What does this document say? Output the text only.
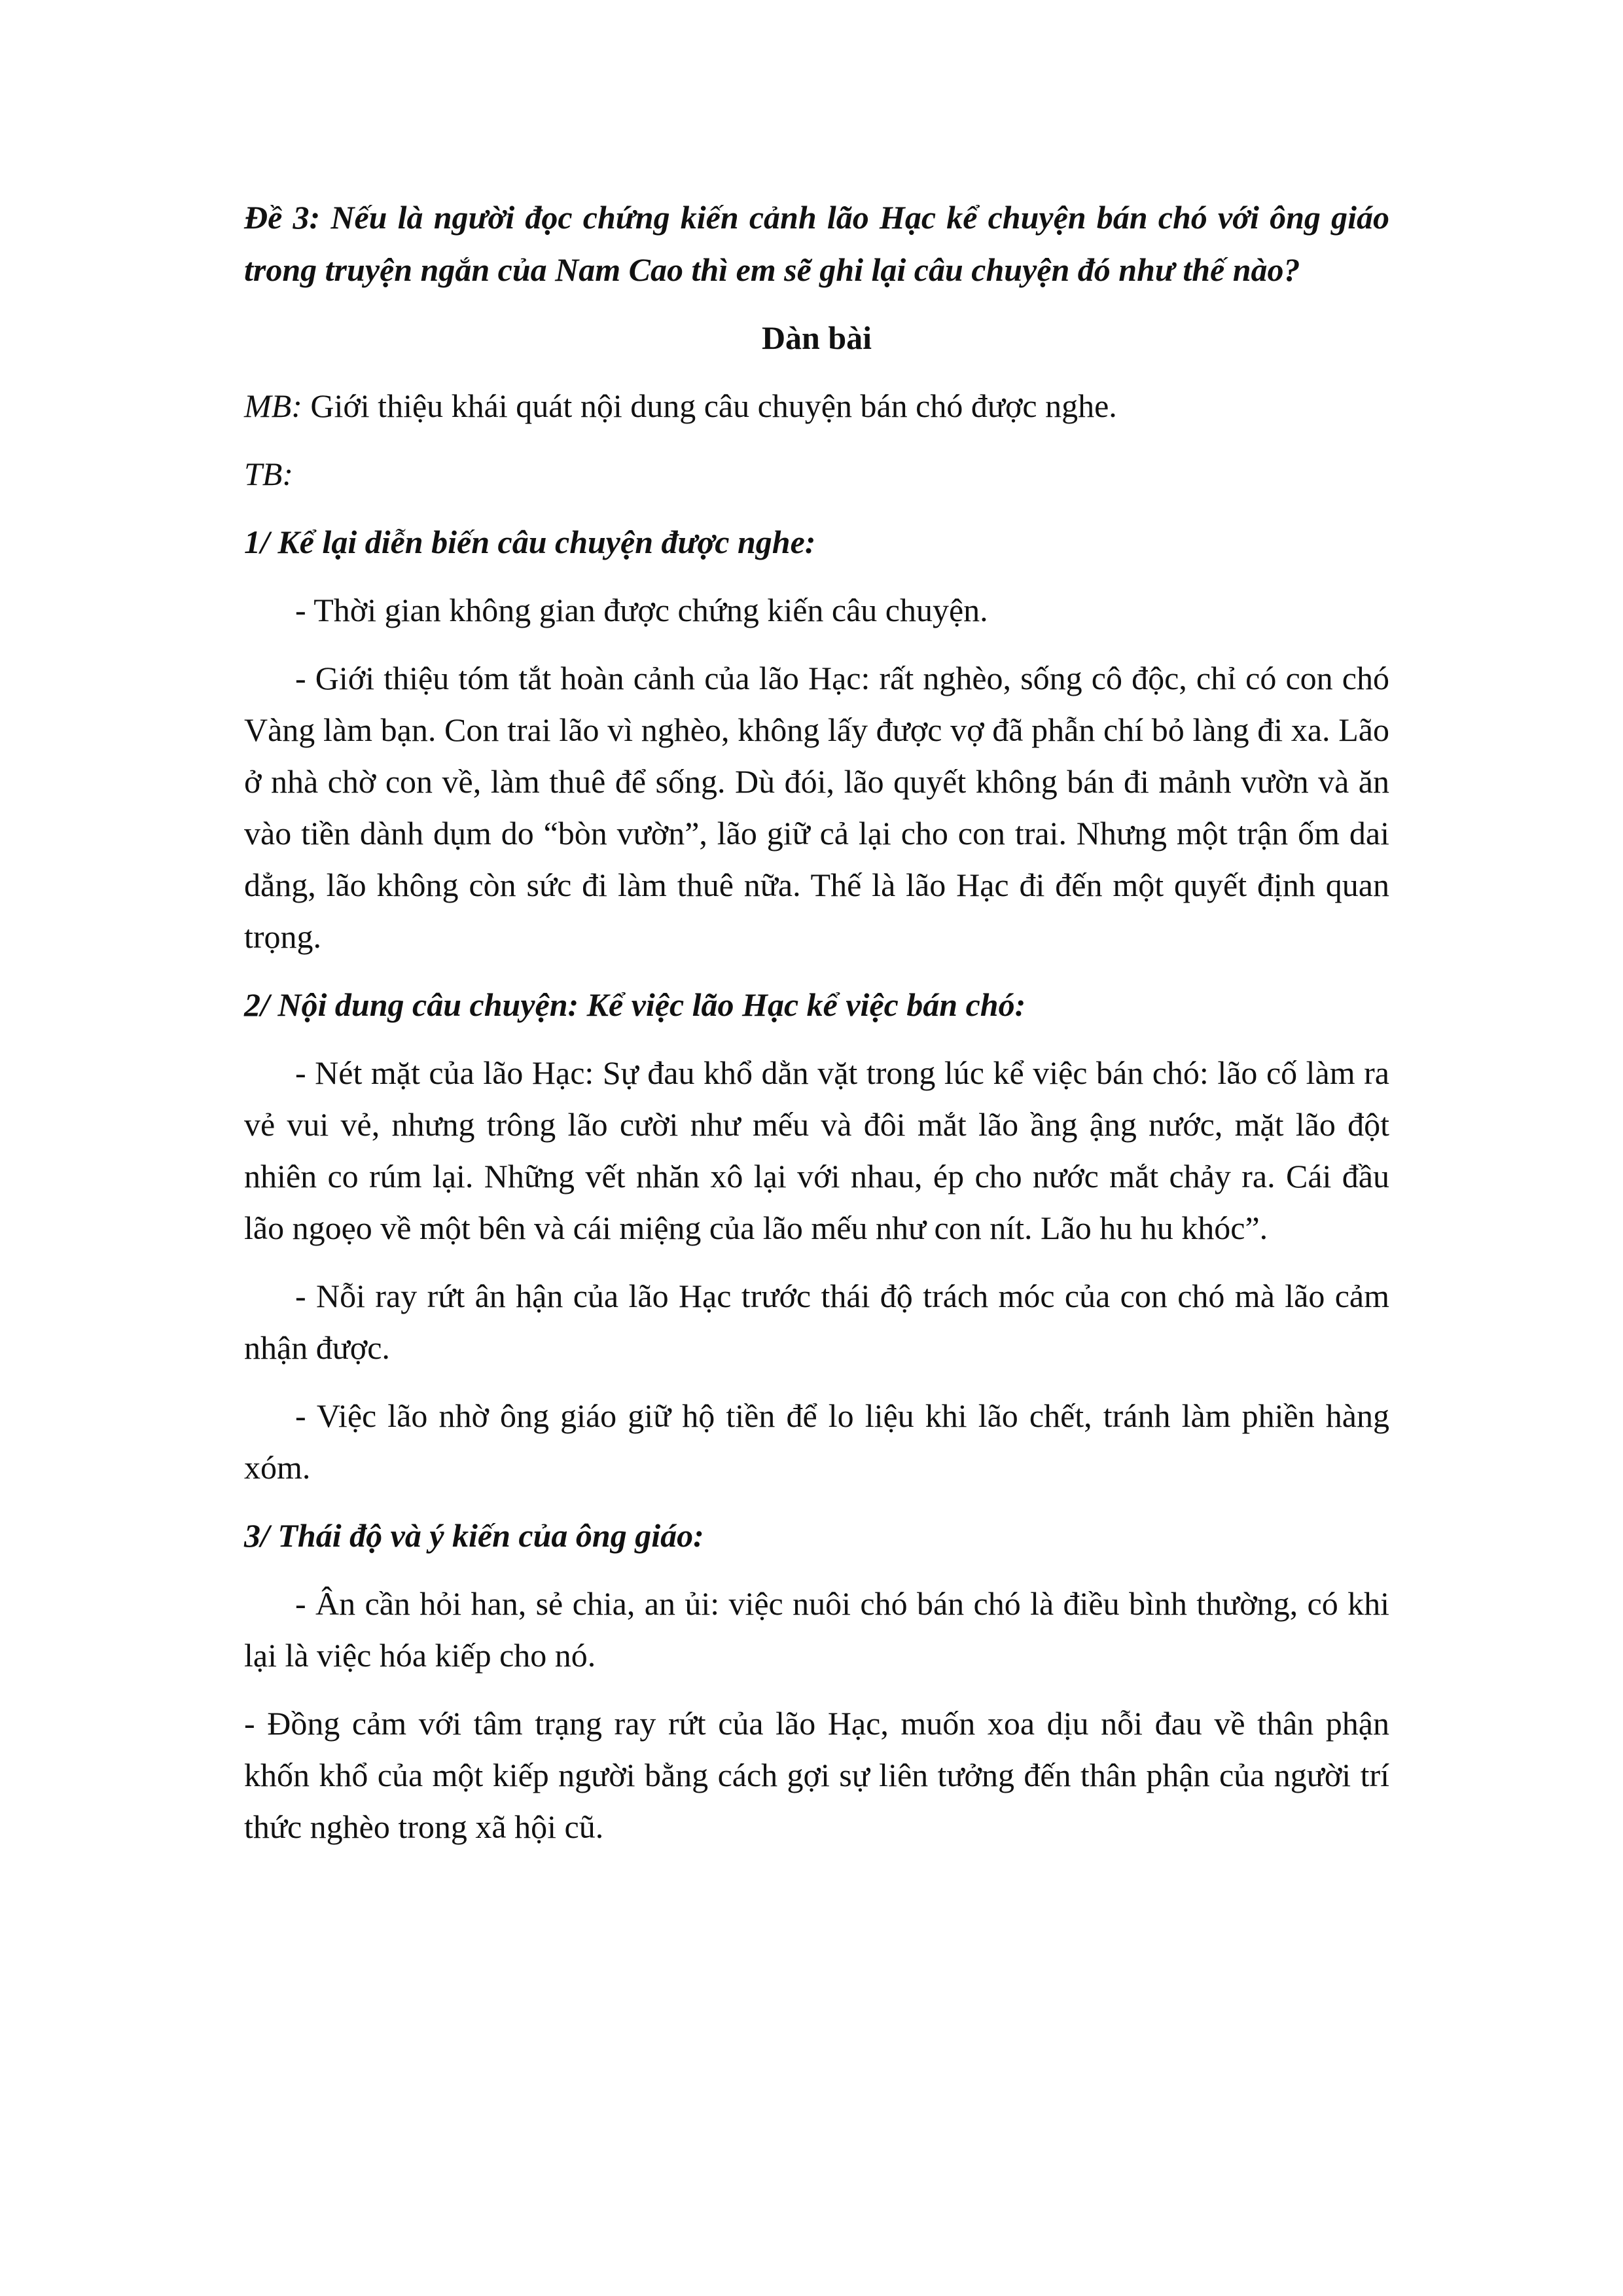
Đề 3: Nếu là người đọc chứng kiến cảnh lão Hạc kể chuyện bán chó với ông giáo trong truyện ngắn của Nam Cao thì em sẽ ghi lại câu chuyện đó như thế nào?

Dàn bài

MB: Giới thiệu khái quát nội dung câu chuyện bán chó được nghe.

TB:

1/ Kể lại diễn biến câu chuyện được nghe:

- Thời gian không gian được chứng kiến câu chuyện.

- Giới thiệu tóm tắt hoàn cảnh của lão Hạc: rất nghèo, sống cô độc, chỉ có con chó Vàng làm bạn. Con trai lão vì nghèo, không lấy được vợ đã phẫn chí bỏ làng đi xa. Lão ở nhà chờ con về, làm thuê để sống. Dù đói, lão quyết không bán đi mảnh vườn và ăn vào tiền dành dụm do “bòn vườn”, lão giữ cả lại cho con trai. Nhưng một trận ốm dai dẳng, lão không còn sức đi làm thuê nữa. Thế là lão Hạc đi đến một quyết định quan trọng.

2/ Nội dung câu chuyện: Kể việc lão Hạc kể việc bán chó:

- Nét mặt của lão Hạc: Sự đau khổ dằn vặt trong lúc kể việc bán chó: lão cố làm ra vẻ vui vẻ, nhưng trông lão cười như mếu và đôi mắt lão ầng ậng nước, mặt lão đột nhiên co rúm lại. Những vết nhăn xô lại với nhau, ép cho nước mắt chảy ra. Cái đầu lão ngoẹo về một bên và cái miệng của lão mếu như con nít. Lão hu hu khóc”.

- Nỗi ray rứt ân hận của lão Hạc trước thái độ trách móc của con chó mà lão cảm nhận được.

- Việc lão nhờ ông giáo giữ hộ tiền để lo liệu khi lão chết, tránh làm phiền hàng xóm.

3/ Thái độ và ý kiến của ông giáo:

- Ân cần hỏi han, sẻ chia, an ủi: việc nuôi chó bán chó là điều bình thường, có khi lại là việc hóa kiếp cho nó.

- Đồng cảm với tâm trạng ray rứt của lão Hạc, muốn xoa dịu nỗi đau về thân phận khốn khổ của một kiếp người bằng cách gợi sự liên tưởng đến thân phận của người trí thức nghèo trong xã hội cũ.
